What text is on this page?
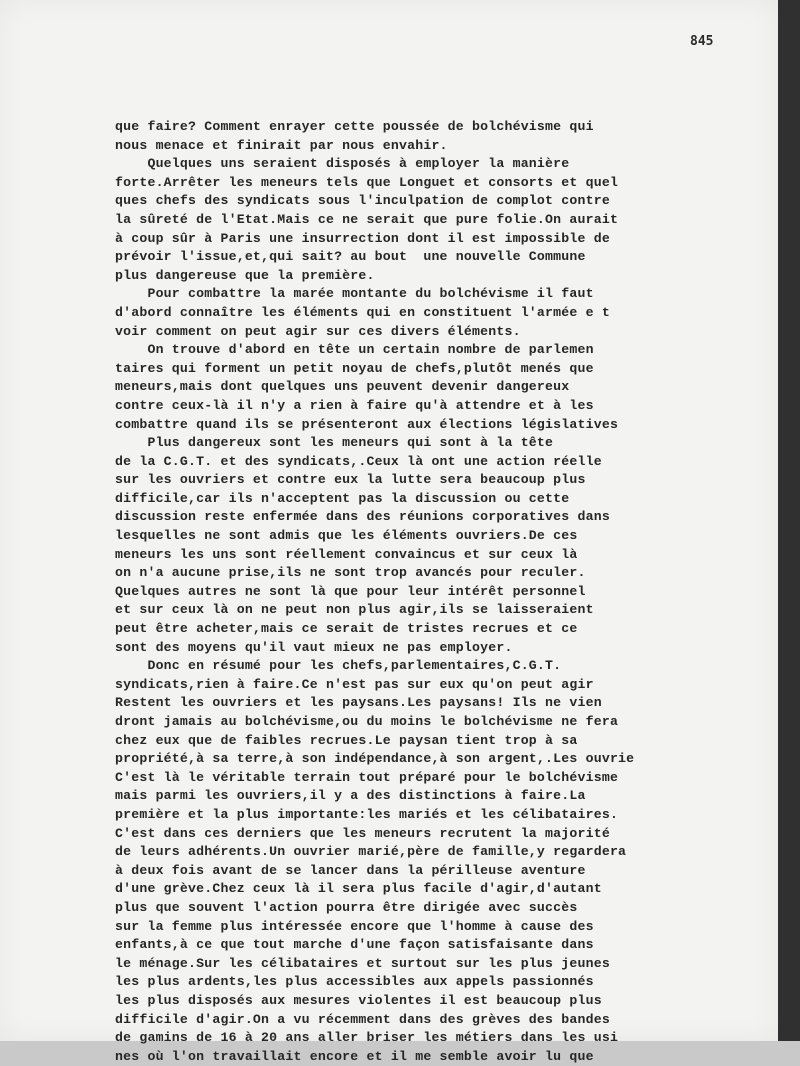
845
que faire? Comment enrayer cette poussée de bolchévisme qui
nous menace et finirait par nous envahir.
Quelques uns seraient disposés à employer la manière
forte.Arrêter les meneurs tels que Longuet et consorts et quel
ques chefs des syndicats sous l'inculpation de complot contre
la sûreté de l'Etat.Mais ce ne serait que pure folie.On aurait
à coup sûr à Paris une insurrection dont il est impossible de
prévoir l'issue,et,qui sait? au bout  une nouvelle Commune
plus dangereuse que la première.
Pour combattre la marée montante du bolchévisme il faut
d'abord connaître les éléments qui en constituent l'armée e t
voir comment on peut agir sur ces divers éléments.
On trouve d'abord en tête un certain nombre de parlemen
taires qui forment un petit noyau de chefs,plutôt menés que
meneurs,mais dont quelques uns peuvent devenir dangereux
contre ceux-là il n'y a rien à faire qu'à attendre et à les
combattre quand ils se présenteront aux élections législatives
Plus dangereux sont les meneurs qui sont à la tête
de la C.G.T. et des syndicats,.Ceux là ont une action réelle
sur les ouvriers et contre eux la lutte sera beaucoup plus
difficile,car ils n'acceptent pas la discussion ou cette
discussion reste enfermée dans des réunions corporatives dans
lesquelles ne sont admis que les éléments ouvriers.De ces
meneurs les uns sont réellement convaincus et sur ceux là
on n'a aucune prise,ils ne sont trop avancés pour reculer.
Quelques autres ne sont là que pour leur intérêt personnel
et sur ceux là on ne peut non plus agir,ils se laisseraient
peut être acheter,mais ce serait de tristes recrues et ce
sont des moyens qu'il vaut mieux ne pas employer.
Donc en résumé pour les chefs,parlementaires,C.G.T.
syndicats,rien à faire.Ce n'est pas sur eux qu'on peut agir
Restent les ouvriers et les paysans.Les paysans! Ils ne vien
dront jamais au bolchévisme,ou du moins le bolchévisme ne fera
chez eux que de faibles recrues.Le paysan tient trop à sa
propriété,à sa terre,à son indépendance,à son argent,.Les ouvrie
C'est là le véritable terrain tout préparé pour le bolchévisme
mais parmi les ouvriers,il y a des distinctions à faire.La
première et la plus importante:les mariés et les célibataires.
C'est dans ces derniers que les meneurs recrutent la majorité
de leurs adhérents.Un ouvrier marié,père de famille,y regardera
à deux fois avant de se lancer dans la périlleuse aventure
d'une grève.Chez ceux là il sera plus facile d'agir,d'autant
plus que souvent l'action pourra être dirigée avec succès
sur la femme plus intéressée encore que l'homme à cause des
enfants,à ce que tout marche d'une façon satisfaisante dans
le ménage.Sur les célibataires et surtout sur les plus jeunes
les plus ardents,les plus accessibles aux appels passionnés
les plus disposés aux mesures violentes il est beaucoup plus
difficile d'agir.On a vu récemment dans des grèves des bandes
de gamins de 16 à 20 ans aller briser les métiers dans les usi
nes où l'on travaillait encore et il me semble avoir lu que
